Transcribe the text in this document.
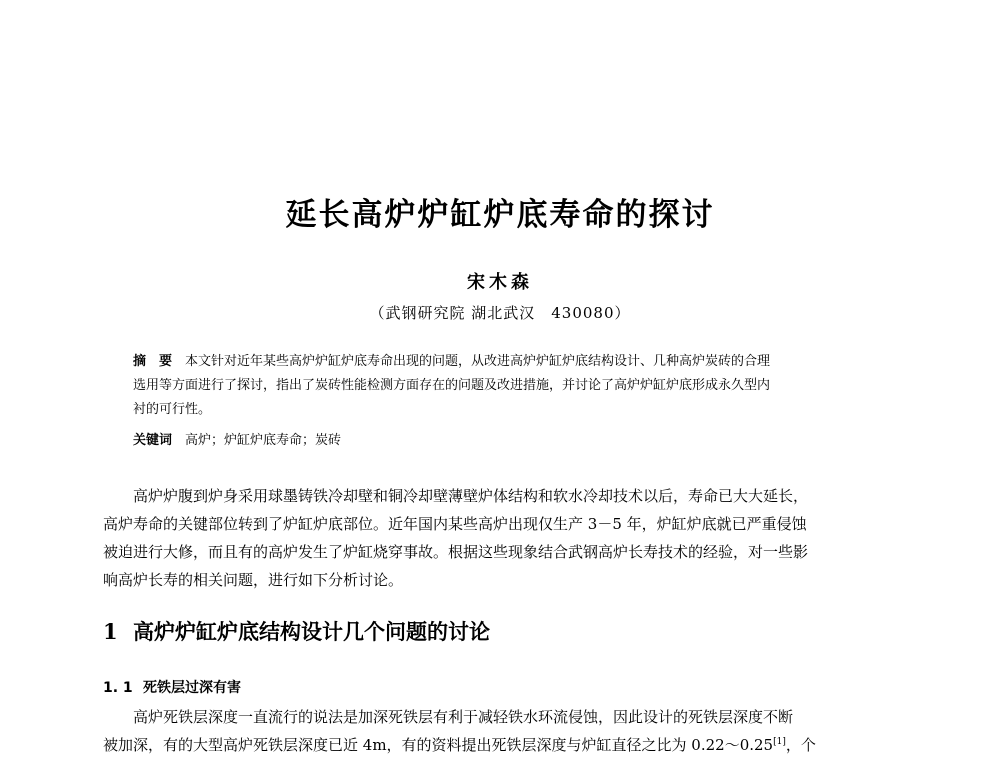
延长高炉炉缸炉底寿命的探讨
宋木森
（武钢研究院 湖北武汉　430080）
摘　要　 本文针对近年某些高炉炉缸炉底寿命出现的问题，从改进高炉炉缸炉底结构设计、几种高炉炭砖的合理
选用等方面进行了探讨，指出了炭砖性能检测方面存在的问题及改进措施，并讨论了高炉炉缸炉底形成永久型内
衬的可行性。
关键词　 高炉；炉缸炉底寿命；炭砖
高炉炉腹到炉身采用球墨铸铁冷却壁和铜冷却壁薄壁炉体结构和软水冷却技术以后，寿命已大大延长，
高炉寿命的关键部位转到了炉缸炉底部位。近年国内某些高炉出现仅生产 3－5 年，炉缸炉底就已严重侵蚀
被迫进行大修，而且有的高炉发生了炉缸烧穿事故。根据这些现象结合武钢高炉长寿技术的经验，对一些影
响高炉长寿的相关问题，进行如下分析讨论。
1 高炉炉缸炉底结构设计几个问题的讨论
1. 1 死铁层过深有害
高炉死铁层深度一直流行的说法是加深死铁层有利于减轻铁水环流侵蚀，因此设计的死铁层深度不断
被加深，有的大型高炉死铁层深度已近 4m，有的资料提出死铁层深度与炉缸直径之比为 0.22～0.25[1]，个
